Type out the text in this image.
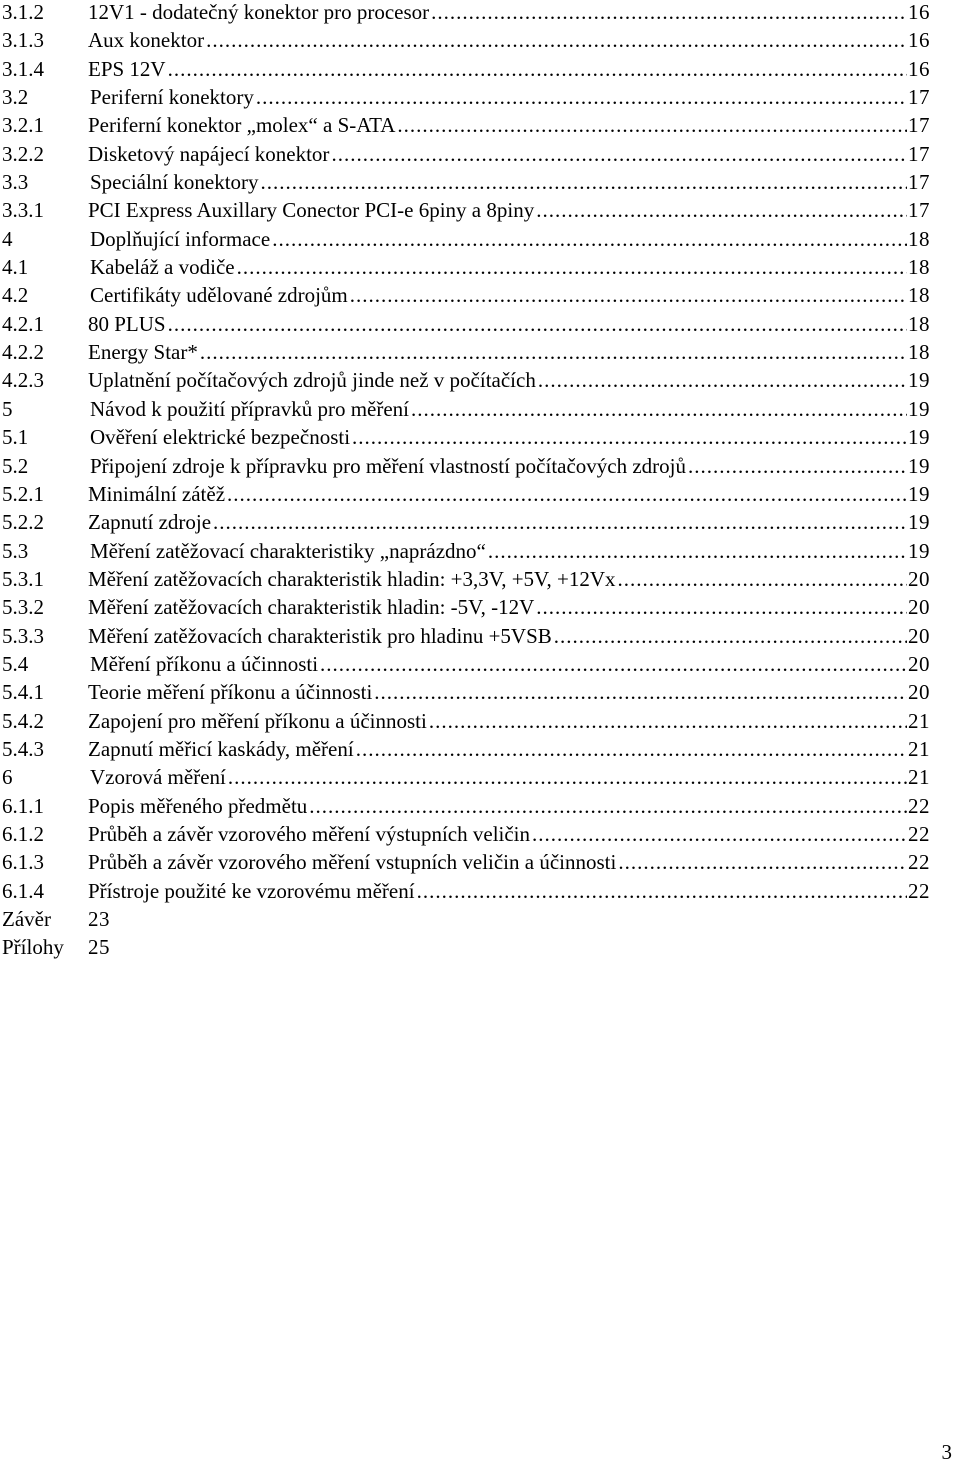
3.1.2 12V1 - dodatečný konektor pro procesor .....	16
3.1.3 Aux konektor .....	16
3.1.4 EPS 12V .....	16
3.2	Periferní konektory .....	17
3.2.1 Periferní konektor „molex“ a S-ATA .....	17
3.2.2 Disketový napájecí konektor .....	17
3.3	Speciální konektory .....	17
3.3.1 PCI Express Auxillary Conector PCI-e 6piny a 8piny .....	17
4	Doplňující informace .....	18
4.1	Kabeláž a vodiče .....	18
4.2	Certifikáty udělované zdrojům .....	18
4.2.1 80 PLUS .....	18
4.2.2 Energy Star* .....	18
4.2.3 Uplatnění počítačových zdrojů jinde než v počítačích .....	19
5	Návod k použití přípravků pro měření .....	19
5.1	Ověření elektrické bezpečnosti .....	19
5.2	Připojení zdroje k přípravku pro měření vlastností počítačových zdrojů .....	19
5.2.1 Minimální zátěž .....	19
5.2.2 Zapnutí zdroje .....	19
5.3	Měření zatěžovací charakteristiky „naprázdno“ .....	19
5.3.1 Měření zatěžovacích charakteristik hladin: +3,3V, +5V, +12Vx .....	20
5.3.2 Měření zatěžovacích charakteristik hladin: -5V, -12V .....	20
5.3.3 Měření zatěžovacích charakteristik pro hladinu +5VSB .....	20
5.4	Měření příkonu a účinnosti .....	20
5.4.1 Teorie měření příkonu a účinnosti .....	20
5.4.2 Zapojení pro měření příkonu a účinnosti .....	21
5.4.3 Zapnutí měřicí kaskády, měření .....	21
6	Vzorová měření .....	21
6.1.1 Popis měřeného předmětu .....	22
6.1.2 Průběh a závěr vzorového měření výstupních veličin .....	22
6.1.3 Průběh a závěr vzorového měření vstupních veličin a účinnosti .....	22
6.1.4 Přístroje použité ke vzorovému měření .....	22
Závěr 23
Přílohy 25
3
